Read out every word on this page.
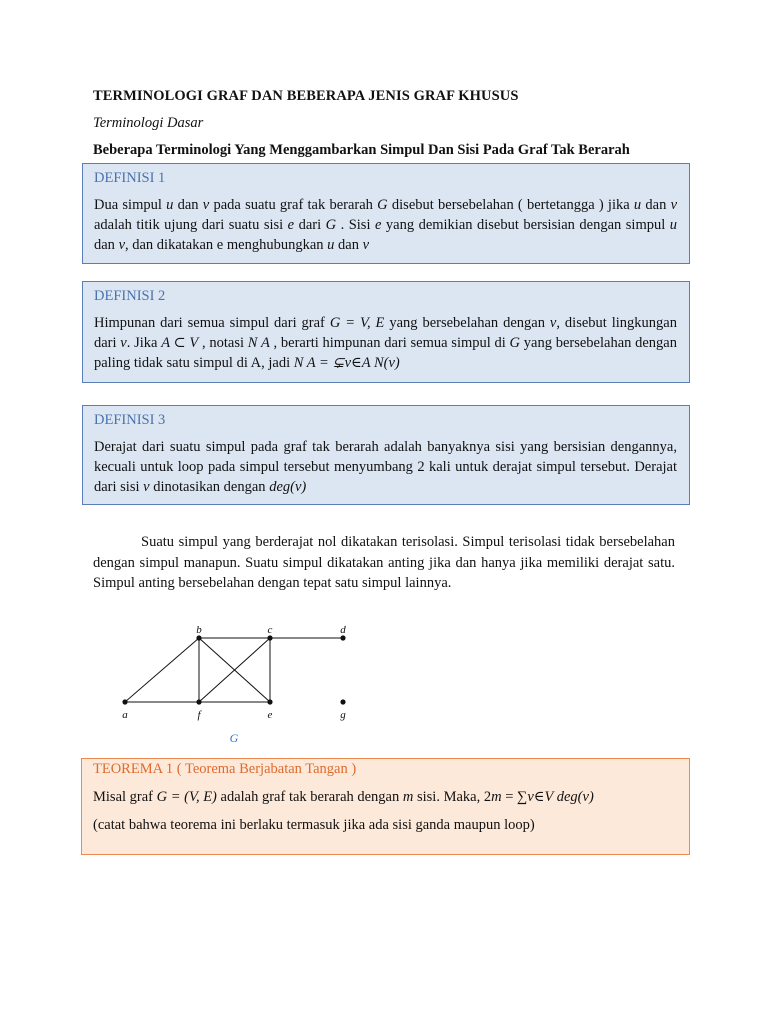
TERMINOLOGI GRAF DAN BEBERAPA JENIS GRAF KHUSUS
Terminologi Dasar
Beberapa Terminologi Yang Menggambarkan Simpul Dan Sisi Pada Graf Tak Berarah
DEFINISI 1
Dua simpul u dan v pada suatu graf tak berarah G disebut bersebelahan ( bertetangga ) jika u dan v adalah titik ujung dari suatu sisi e dari G . Sisi e yang demikian disebut bersisian dengan simpul u dan v, dan dikatakan e menghubungkan u dan v
DEFINISI 2
Himpunan dari semua simpul dari graf G = V, E yang bersebelahan dengan v, disebut lingkungan dari v. Jika A ⊂ V , notasi N A , berarti himpunan dari semua simpul di G yang bersebelahan dengan paling tidak satu simpul di A, jadi N A = ⊊v∈A N(v)
DEFINISI 3
Derajat dari suatu simpul pada graf tak berarah adalah banyaknya sisi yang bersisian dengannya, kecuali untuk loop pada simpul tersebut menyumbang 2 kali untuk derajat simpul tersebut. Derajat dari sisi v dinotasikan dengan deg(v)
Suatu simpul yang berderajat nol dikatakan terisolasi. Simpul terisolasi tidak bersebelahan dengan simpul manapun. Suatu simpul dikatakan anting jika dan hanya jika memiliki derajat satu. Simpul anting bersebelahan dengan tepat satu simpul lainnya.
a
b	c	d
e
f	g
G
TEOREMA 1 ( Teorema Berjabatan Tangan )
Misal graf G = (V, E) adalah graf tak berarah dengan m sisi. Maka, 2m = ∑v∈V deg(v)
(catat bahwa teorema ini berlaku termasuk jika ada sisi ganda maupun loop)
